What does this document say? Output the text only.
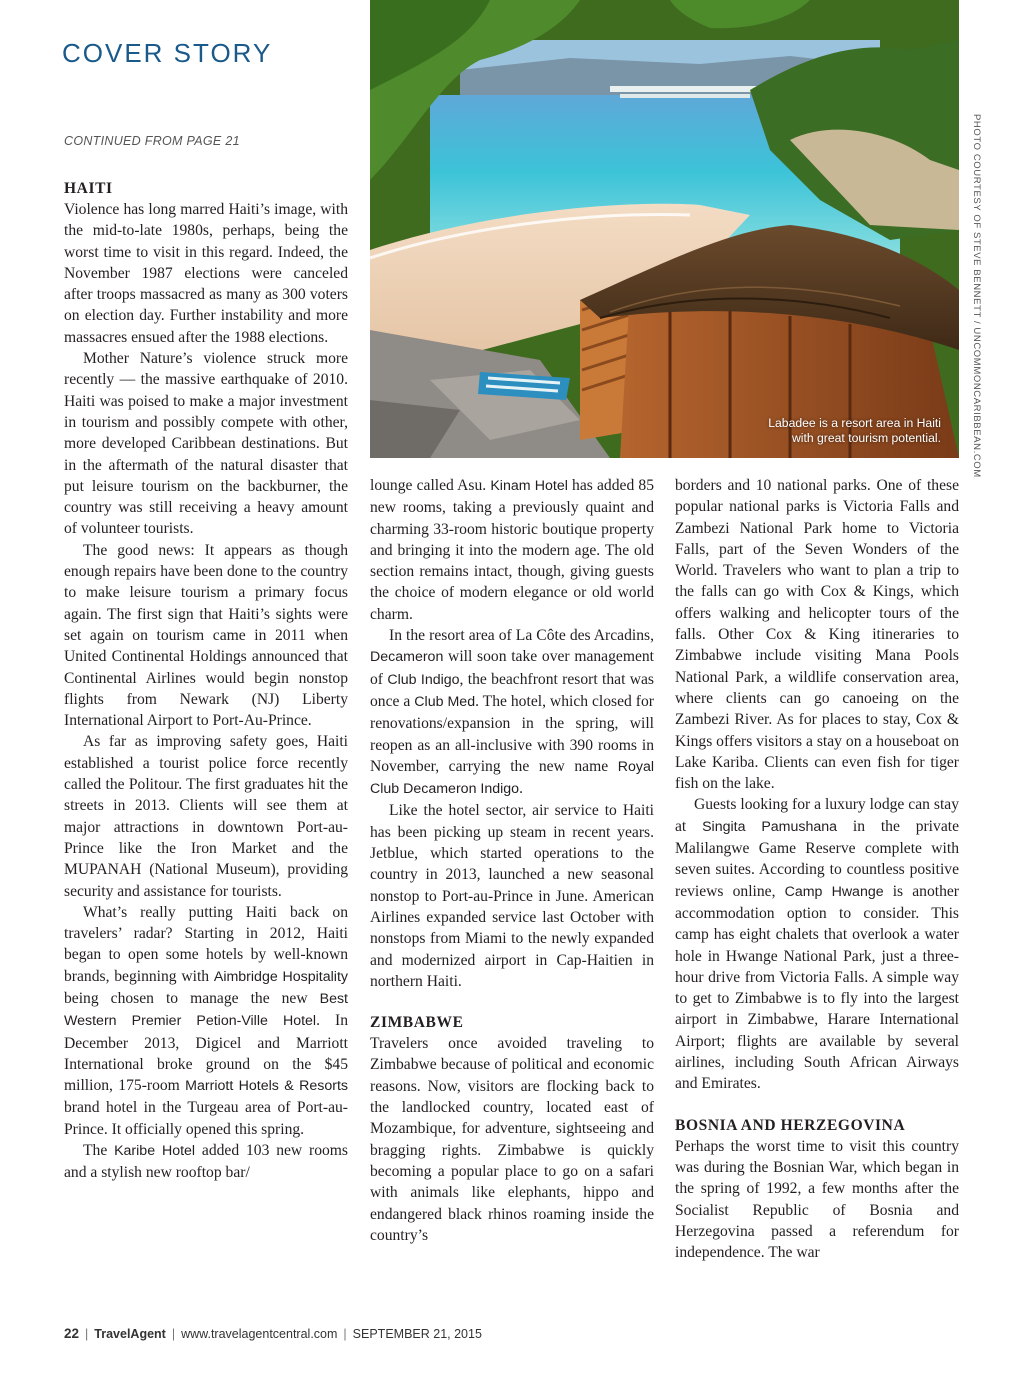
COVER STORY
CONTINUED FROM PAGE 21
Labadee is a resort area in Haiti
with great tourism potential.	PHOTO COURTESY OF STEVE BENNETT / UNCOMMONCARIBBEAN.COM
HAITI

Violence has long marred Haiti’s image, with the mid-to-late 1980s, perhaps, being the worst time to visit in this regard. Indeed, the November 1987 elections were canceled after troops massacred as many as 300 voters on election day. Further instability and more massacres ensued after the 1988 elections.

Mother Nature’s violence struck more recently — the massive earthquake of 2010. Haiti was poised to make a major investment in tourism and possibly compete with other, more developed Caribbean destinations. But in the aftermath of the natural disaster that put leisure tourism on the backburner, the country was still receiving a heavy amount of volunteer tourists.

The good news: It appears as though enough repairs have been done to the country to make leisure tourism a primary focus again. The first sign that Haiti’s sights were set again on tourism came in 2011 when United Continental Holdings announced that Continental Airlines would begin nonstop flights from Newark (NJ) Liberty International Airport to Port-Au-Prince.

As far as improving safety goes, Haiti established a tourist police force recently called the Politour. The first graduates hit the streets in 2013. Clients will see them at major attractions in downtown Port-au-Prince like the Iron Market and the MUPANAH (National Museum), providing security and assistance for tourists.

What’s really putting Haiti back on travelers’ radar? Starting in 2012, Haiti began to open some hotels by well-known brands, beginning with Aimbridge Hospitality being chosen to manage the new Best Western Premier Petion-Ville Hotel. In December 2013, Digicel and Marriott International broke ground on the $45 million, 175-room Marriott Hotels & Resorts brand hotel in the Turgeau area of Port-au-Prince. It officially opened this spring.

The Karibe Hotel added 103 new rooms and a stylish new rooftop bar/

lounge called Asu. Kinam Hotel has added 85 new rooms, taking a previously quaint and charming 33-room historic boutique property and bringing it into the modern age. The old section remains intact, though, giving guests the choice of modern elegance or old world charm.

In the resort area of La Côte des Arcadins, Decameron will soon take over management of Club Indigo, the beachfront resort that was once a Club Med. The hotel, which closed for renovations/expansion in the spring, will reopen as an all-inclusive with 390 rooms in November, carrying the new name Royal Club Decameron Indigo.

Like the hotel sector, air service to Haiti has been picking up steam in recent years. Jetblue, which started operations to the country in 2013, launched a new seasonal nonstop to Port-au-Prince in June. American Airlines expanded service last October with nonstops from Miami to the newly expanded and modernized airport in Cap-Haitien in northern Haiti.

ZIMBABWE

Travelers once avoided traveling to Zimbabwe because of political and economic reasons. Now, visitors are flocking back to the landlocked country, located east of Mozambique, for adventure, sightseeing and bragging rights. Zimbabwe is quickly becoming a popular place to go on a safari with animals like elephants, hippo and endangered black rhinos roaming inside the country’s

borders and 10 national parks. One of these popular national parks is Victoria Falls and Zambezi National Park home to Victoria Falls, part of the Seven Wonders of the World. Travelers who want to plan a trip to the falls can go with Cox & Kings, which offers walking and helicopter tours of the falls. Other Cox & King itineraries to Zimbabwe include visiting Mana Pools National Park, a wildlife conservation area, where clients can go canoeing on the Zambezi River. As for places to stay, Cox & Kings offers visitors a stay on a houseboat on Lake Kariba. Clients can even fish for tiger fish on the lake.

Guests looking for a luxury lodge can stay at Singita Pamushana in the private Malilangwe Game Reserve complete with seven suites. According to countless positive reviews online, Camp Hwange is another accommodation option to consider. This camp has eight chalets that overlook a water hole in Hwange National Park, just a three-hour drive from Victoria Falls. A simple way to get to Zimbabwe is to fly into the largest airport in Zimbabwe, Harare International Airport; flights are available by several airlines, including South African Airways and Emirates.

BOSNIA AND HERZEGOVINA

Perhaps the worst time to visit this country was during the Bosnian War, which began in the spring of 1992, a few months after the Socialist Republic of Bosnia and Herzegovina passed a referendum for independence. The war

22 | TravelAgent | www.travelagentcentral.com | SEPTEMBER 21, 2015
